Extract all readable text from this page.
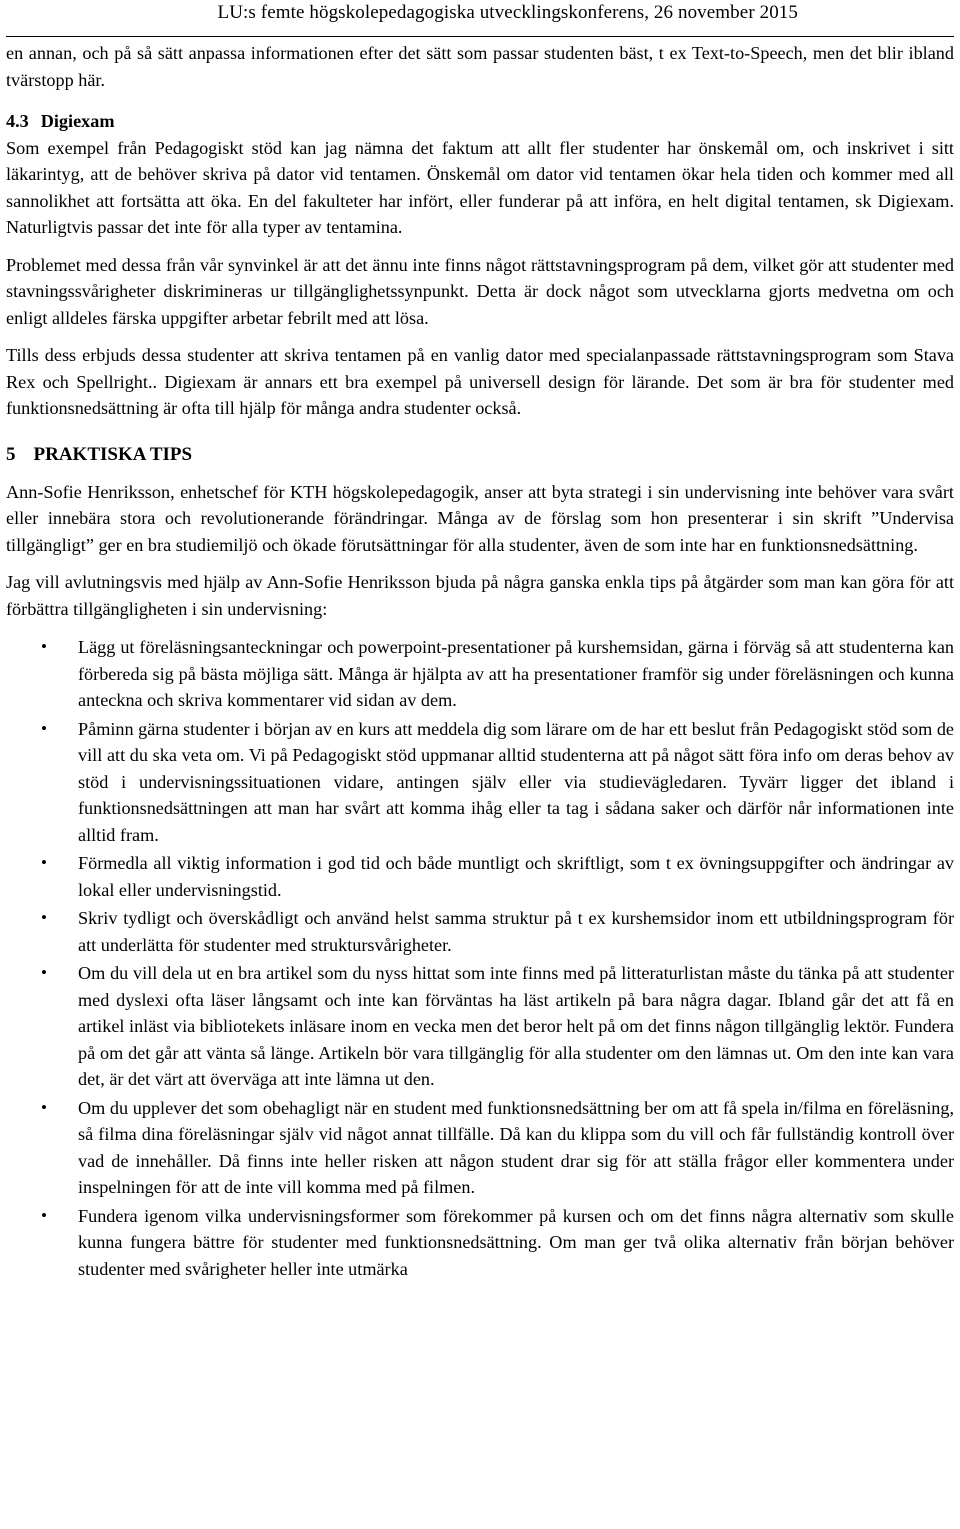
LU:s femte högskolepedagogiska utvecklingskonferens, 26 november 2015

en annan, och på så sätt anpassa informationen efter det sätt som passar studenten bäst, t ex Text-to-Speech, men det blir ibland tvärstopp här.

4.3 Digiexam

Som exempel från Pedagogiskt stöd kan jag nämna det faktum att allt fler studenter har önskemål om, och inskrivet i sitt läkarintyg, att de behöver skriva på dator vid tentamen. Önskemål om dator vid tentamen ökar hela tiden och kommer med all sannolikhet att fortsätta att öka. En del fakulteter har infört, eller funderar på att införa, en helt digital tentamen, sk Digiexam. Naturligtvis passar det inte för alla typer av tentamina.

Problemet med dessa från vår synvinkel är att det ännu inte finns något rättstavningsprogram på dem, vilket gör att studenter med stavningssvårigheter diskrimineras ur tillgänglighetssynpunkt. Detta är dock något som utvecklarna gjorts medvetna om och enligt alldeles färska uppgifter arbetar febrilt med att lösa.

Tills dess erbjuds dessa studenter att skriva tentamen på en vanlig dator med specialanpassade rättstavningsprogram som Stava Rex och Spellright.. Digiexam är annars ett bra exempel på universell design för lärande. Det som är bra för studenter med funktionsnedsättning är ofta till hjälp för många andra studenter också.

5 PRAKTISKA TIPS

Ann-Sofie Henriksson, enhetschef för KTH högskolepedagogik, anser att byta strategi i sin undervisning inte behöver vara svårt eller innebära stora och revolutionerande förändringar. Många av de förslag som hon presenterar i sin skrift ”Undervisa tillgängligt” ger en bra studiemiljö och ökade förutsättningar för alla studenter, även de som inte har en funktionsnedsättning.

Jag vill avlutningsvis med hjälp av Ann-Sofie Henriksson bjuda på några ganska enkla tips på åtgärder som man kan göra för att förbättra tillgängligheten i sin undervisning:

• Lägg ut föreläsningsanteckningar och powerpoint-presentationer på kurshemsidan, gärna i förväg så att studenterna kan förbereda sig på bästa möjliga sätt. Många är hjälpta av att ha presentationer framför sig under föreläsningen och kunna anteckna och skriva kommentarer vid sidan av dem.
• Påminn gärna studenter i början av en kurs att meddela dig som lärare om de har ett beslut från Pedagogiskt stöd som de vill att du ska veta om. Vi på Pedagogiskt stöd uppmanar alltid studenterna att på något sätt föra info om deras behov av stöd i undervisningssituationen vidare, antingen själv eller via studievägledaren. Tyvärr ligger det ibland i funktionsnedsättningen att man har svårt att komma ihåg eller ta tag i sådana saker och därför når informationen inte alltid fram.
• Förmedla all viktig information i god tid och både muntligt och skriftligt, som t ex övningsuppgifter och ändringar av lokal eller undervisningstid.
• Skriv tydligt och överskådligt och använd helst samma struktur på t ex kurshemsidor inom ett utbildningsprogram för att underlätta för studenter med struktursvårigheter.
• Om du vill dela ut en bra artikel som du nyss hittat som inte finns med på litteraturlistan måste du tänka på att studenter med dyslexi ofta läser långsamt och inte kan förväntas ha läst artikeln på bara några dagar. Ibland går det att få en artikel inläst via bibliotekets inläsare inom en vecka men det beror helt på om det finns någon tillgänglig lektör. Fundera på om det går att vänta så länge. Artikeln bör vara tillgänglig för alla studenter om den lämnas ut. Om den inte kan vara det, är det värt att överväga att inte lämna ut den.
• Om du upplever det som obehagligt när en student med funktionsnedsättning ber om att få spela in/filma en föreläsning, så filma dina föreläsningar själv vid något annat tillfälle. Då kan du klippa som du vill och får fullständig kontroll över vad de innehåller. Då finns inte heller risken att någon student drar sig för att ställa frågor eller kommentera under inspelningen för att de inte vill komma med på filmen.
• Fundera igenom vilka undervisningsformer som förekommer på kursen och om det finns några alternativ som skulle kunna fungera bättre för studenter med funktionsnedsättning. Om man ger två olika alternativ från början behöver studenter med svårigheter heller inte utmärka
